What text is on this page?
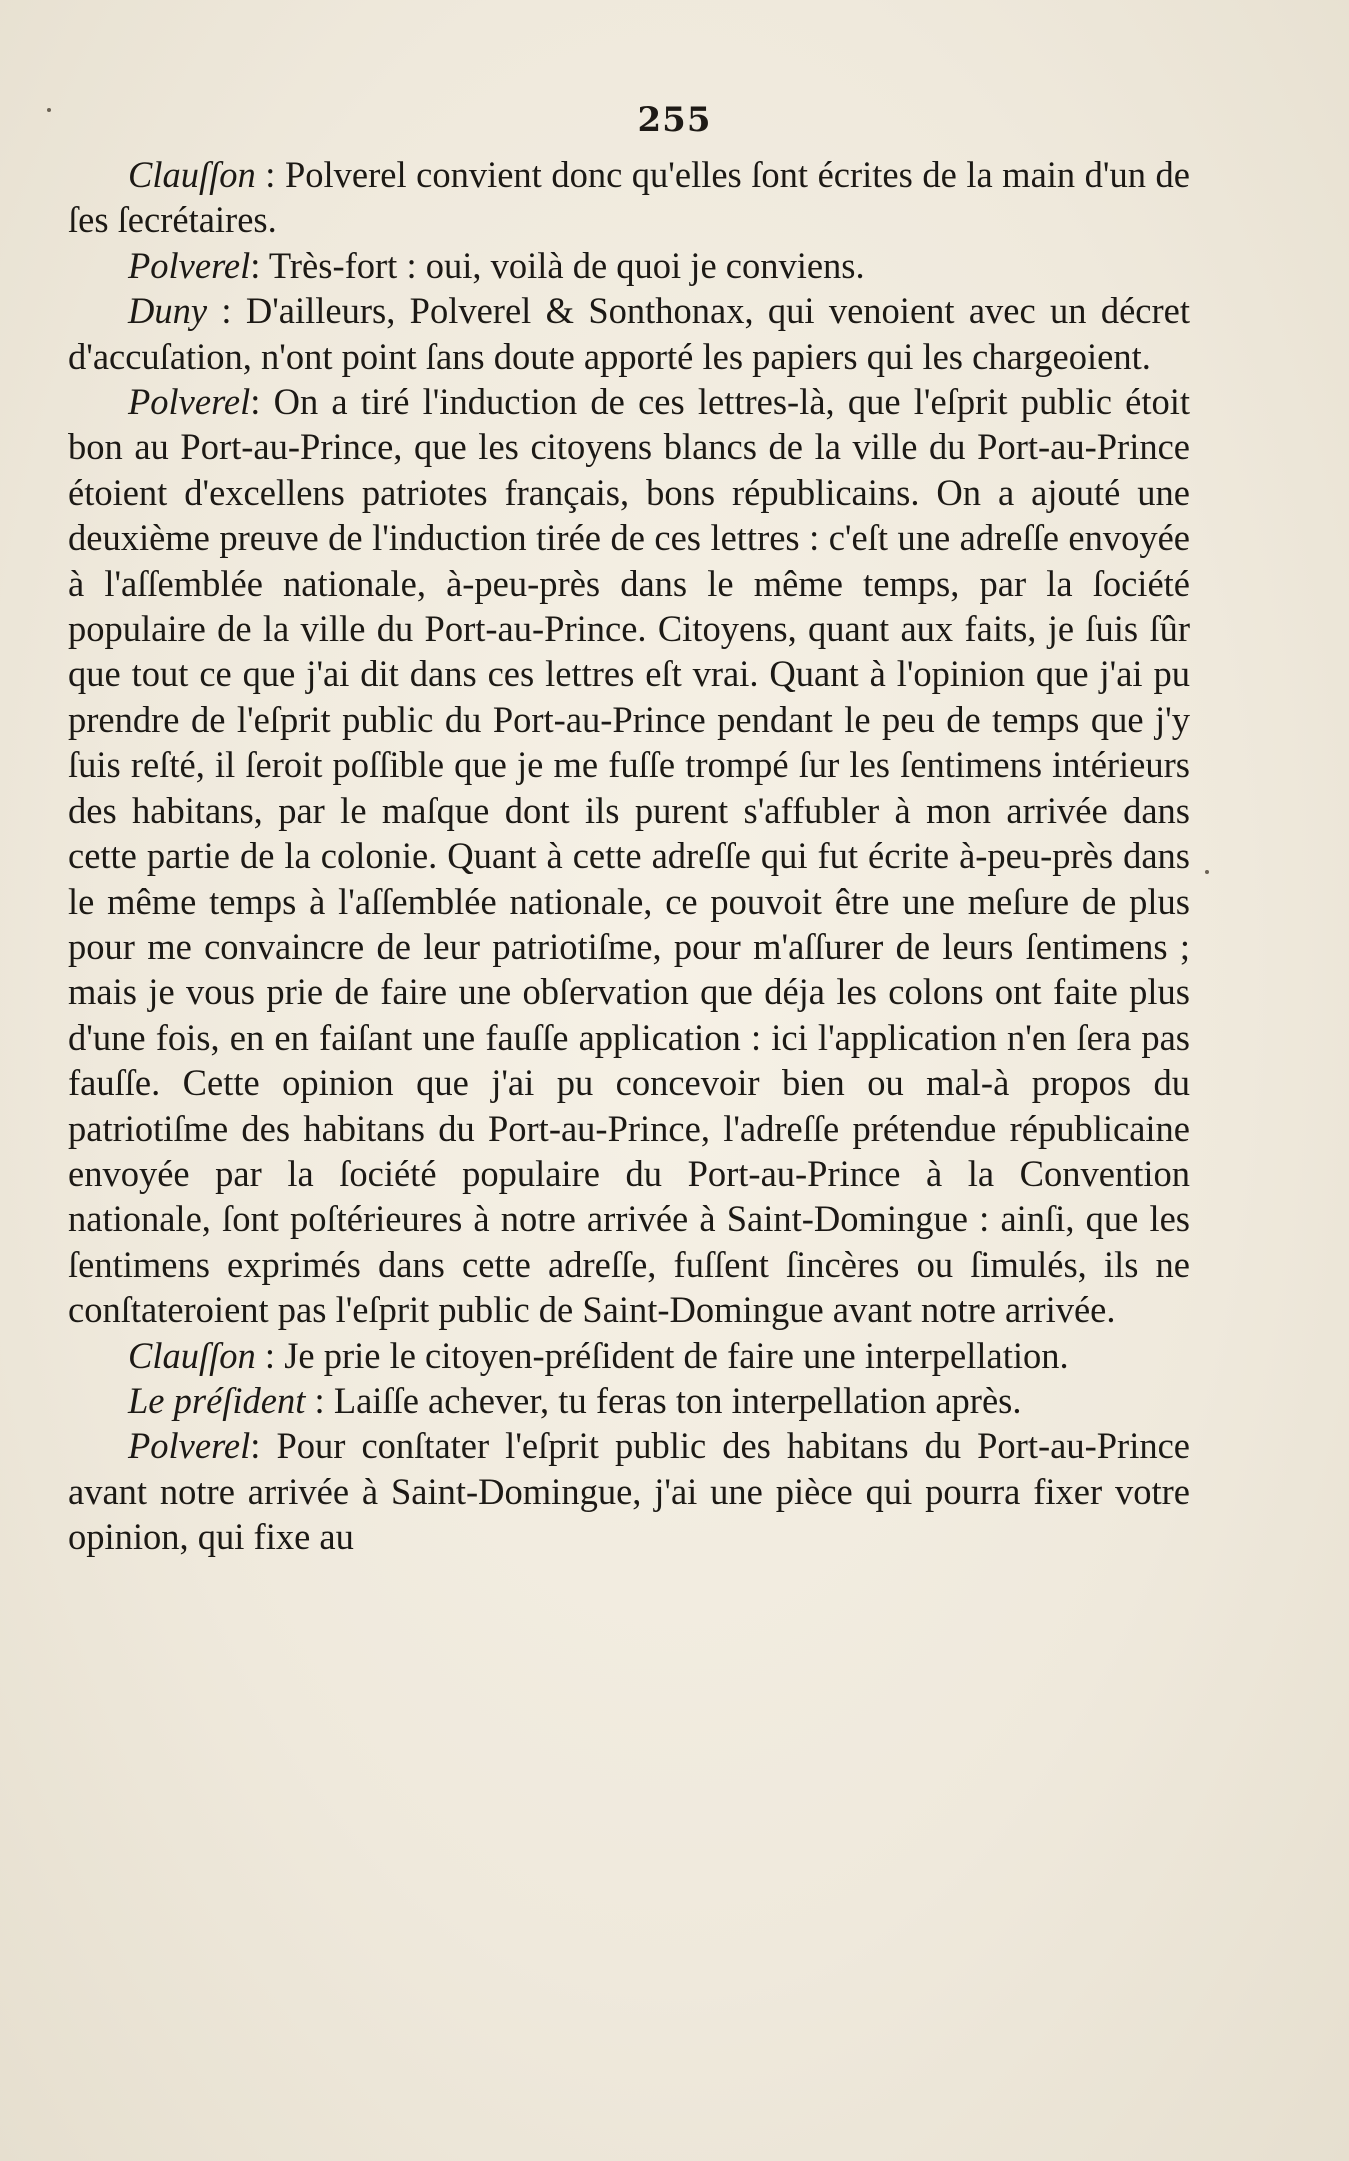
255

Clauſſon : Polverel convient donc qu'elles ſont écrites de la main d'un de ſes ſecrétaires.

Polverel: Très-fort : oui, voilà de quoi je conviens.

Duny : D'ailleurs, Polverel & Sonthonax, qui venoient avec un décret d'accuſation, n'ont point ſans doute apporté les papiers qui les chargeoient.

Polverel: On a tiré l'induction de ces lettres-là, que l'eſprit public étoit bon au Port-au-Prince, que les citoyens blancs de la ville du Port-au-Prince étoient d'excellens patriotes français, bons républicains. On a ajouté une deuxième preuve de l'induction tirée de ces lettres : c'eſt une adreſſe envoyée à l'aſſemblée nationale, à-peu-près dans le même temps, par la ſociété populaire de la ville du Port-au-Prince. Citoyens, quant aux faits, je ſuis ſûr que tout ce que j'ai dit dans ces lettres eſt vrai. Quant à l'opinion que j'ai pu prendre de l'eſprit public du Port-au-Prince pendant le peu de temps que j'y ſuis reſté, il ſeroit poſſible que je me fuſſe trompé ſur les ſentimens intérieurs des habitans, par le maſque dont ils purent s'affubler à mon arrivée dans cette partie de la colonie. Quant à cette adreſſe qui fut écrite à-peu-près dans le même temps à l'aſſemblée nationale, ce pouvoit être une meſure de plus pour me convaincre de leur patriotiſme, pour m'aſſurer de leurs ſentimens ; mais je vous prie de faire une obſervation que déja les colons ont faite plus d'une fois, en en faiſant une fauſſe application : ici l'application n'en ſera pas fauſſe. Cette opinion que j'ai pu concevoir bien ou mal-à propos du patriotiſme des habitans du Port-au-Prince, l'adreſſe prétendue républicaine envoyée par la ſociété populaire du Port-au-Prince à la Convention nationale, ſont poſtérieures à notre arrivée à Saint-Domingue : ainſi, que les ſentimens exprimés dans cette adreſſe, fuſſent ſincères ou ſimulés, ils ne conſtateroient pas l'eſprit public de Saint-Domingue avant notre arrivée.

Clauſſon : Je prie le citoyen-préſident de faire une interpellation.

Le préſident : Laiſſe achever, tu feras ton interpellation après.

Polverel: Pour conſtater l'eſprit public des habitans du Port-au-Prince avant notre arrivée à Saint-Domingue, j'ai une pièce qui pourra fixer votre opinion, qui fixe au
